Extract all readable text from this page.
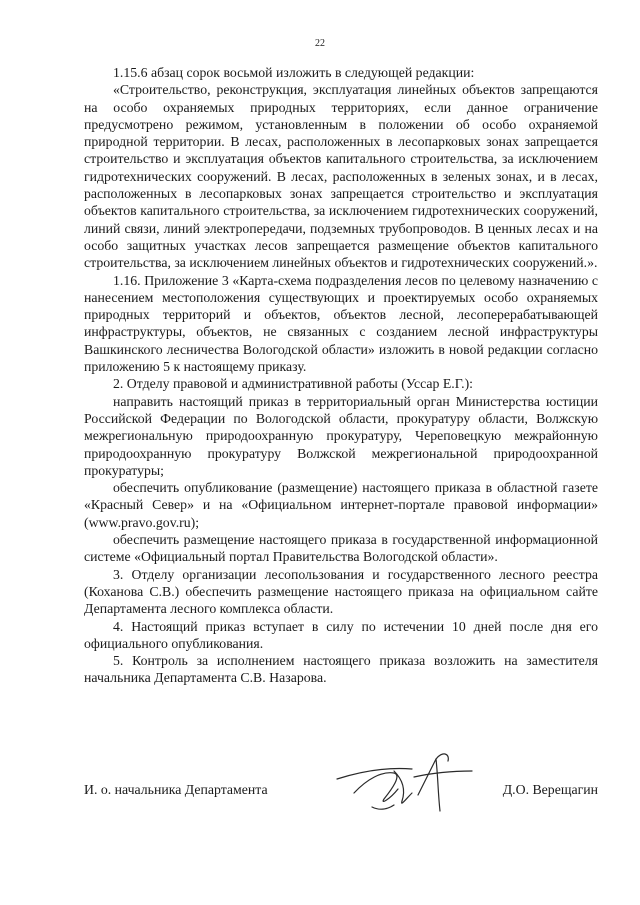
22

1.15.6 абзац сорок восьмой изложить в следующей редакции:

«Строительство, реконструкция, эксплуатация линейных объектов запрещаются на особо охраняемых природных территориях, если данное ограничение предусмотрено режимом, установленным в положении об особо охраняемой природной территории. В лесах, расположенных в лесопарковых зонах запрещается строительство и эксплуатация объектов капитального строительства, за исключением гидротехнических сооружений. В лесах, расположенных в зеленых зонах, и в лесах, расположенных в лесопарковых зонах запрещается строительство и эксплуатация объектов капитального строительства, за исключением гидротехнических сооружений, линий связи, линий электропередачи, подземных трубопроводов. В ценных лесах и на особо защитных участках лесов запрещается размещение объектов капитального строительства, за исключением линейных объектов и гидротехнических сооружений.».

1.16. Приложение 3 «Карта-схема подразделения лесов по целевому назначению с нанесением местоположения существующих и проектируемых особо охраняемых природных территорий и объектов, объектов лесной, лесоперерабатывающей инфраструктуры, объектов, не связанных с созданием лесной инфраструктуры Вашкинского лесничества Вологодской области» изложить в новой редакции согласно приложению 5 к настоящему приказу.

2. Отделу правовой и административной работы (Уссар Е.Г.):

направить настоящий приказ в территориальный орган Министерства юстиции Российской Федерации по Вологодской области, прокуратуру области, Волжскую межрегиональную природоохранную прокуратуру, Череповецкую межрайонную природоохранную прокуратуру Волжской межрегиональной природоохранной прокуратуры;

обеспечить опубликование (размещение) настоящего приказа в областной газете «Красный Север» и на «Официальном интернет-портале правовой информации» (www.pravo.gov.ru);

обеспечить размещение настоящего приказа в государственной информационной системе «Официальный портал Правительства Вологодской области».

3. Отделу организации лесопользования и государственного лесного реестра (Коханова С.В.) обеспечить размещение настоящего приказа на официальном сайте Департамента лесного комплекса области.

4. Настоящий приказ вступает в силу по истечении 10 дней после дня его официального опубликования.

5. Контроль за исполнением настоящего приказа возложить на заместителя начальника Департамента С.В. Назарова.

И. о. начальника Департамента	Д.О. Верещагин
